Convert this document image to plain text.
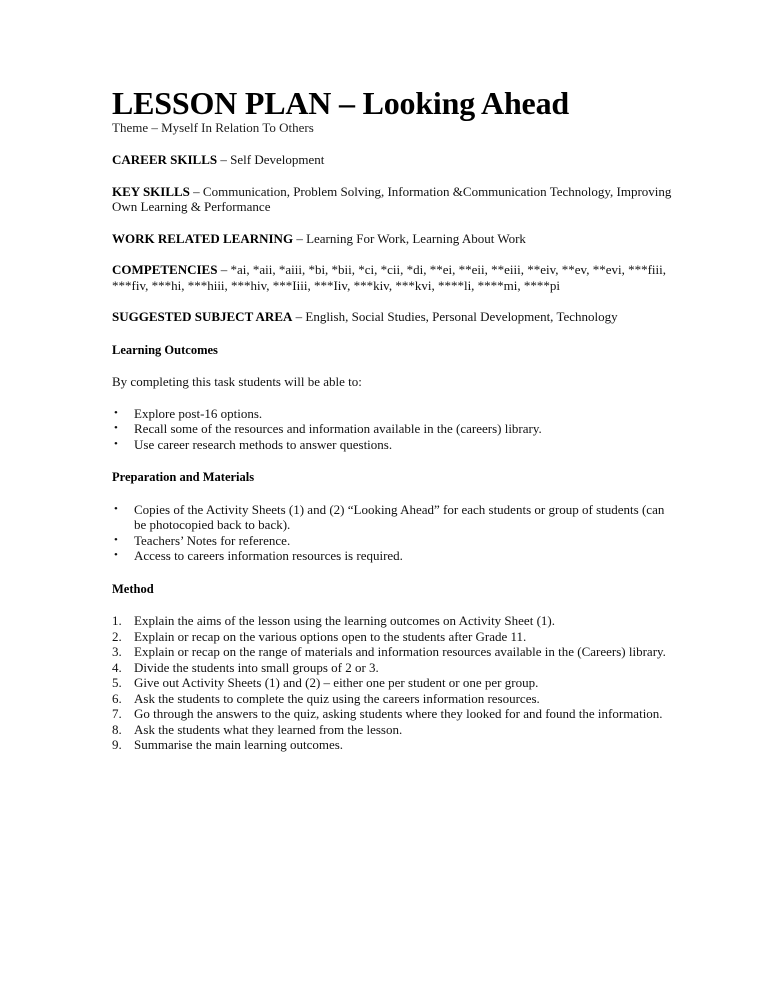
LESSON PLAN – Looking Ahead

Theme – Myself In Relation To Others

CAREER SKILLS – Self Development

KEY SKILLS – Communication, Problem Solving, Information &Communication Technology, Improving Own Learning & Performance

WORK RELATED LEARNING – Learning For Work, Learning About Work

COMPETENCIES – *ai, *aii, *aiii, *bi, *bii, *ci, *cii, *di, **ei, **eii, **eiii, **eiv, **ev, **evi, ***fiii, ***fiv, ***hi, ***hiii, ***hiv, ***Iiii, ***Iiv, ***kiv, ***kvi, ****li, ****mi, ****pi

SUGGESTED SUBJECT AREA – English, Social Studies, Personal Development, Technology

Learning Outcomes

By completing this task students will be able to:

• Explore post-16 options.
• Recall some of the resources and information available in the (careers) library.
• Use career research methods to answer questions.

Preparation and Materials

• Copies of the Activity Sheets (1) and (2) “Looking Ahead” for each students or group of students (can be photocopied back to back).
• Teachers’ Notes for reference.
• Access to careers information resources is required.

Method

1. Explain the aims of the lesson using the learning outcomes on Activity Sheet (1).
2. Explain or recap on the various options open to the students after Grade 11.
3. Explain or recap on the range of materials and information resources available in the (Careers) library.
4. Divide the students into small groups of 2 or 3.
5. Give out Activity Sheets (1) and (2) – either one per student or one per group.
6. Ask the students to complete the quiz using the careers information resources.
7. Go through the answers to the quiz, asking students where they looked for and found the information.
8. Ask the students what they learned from the lesson.
9. Summarise the main learning outcomes.
